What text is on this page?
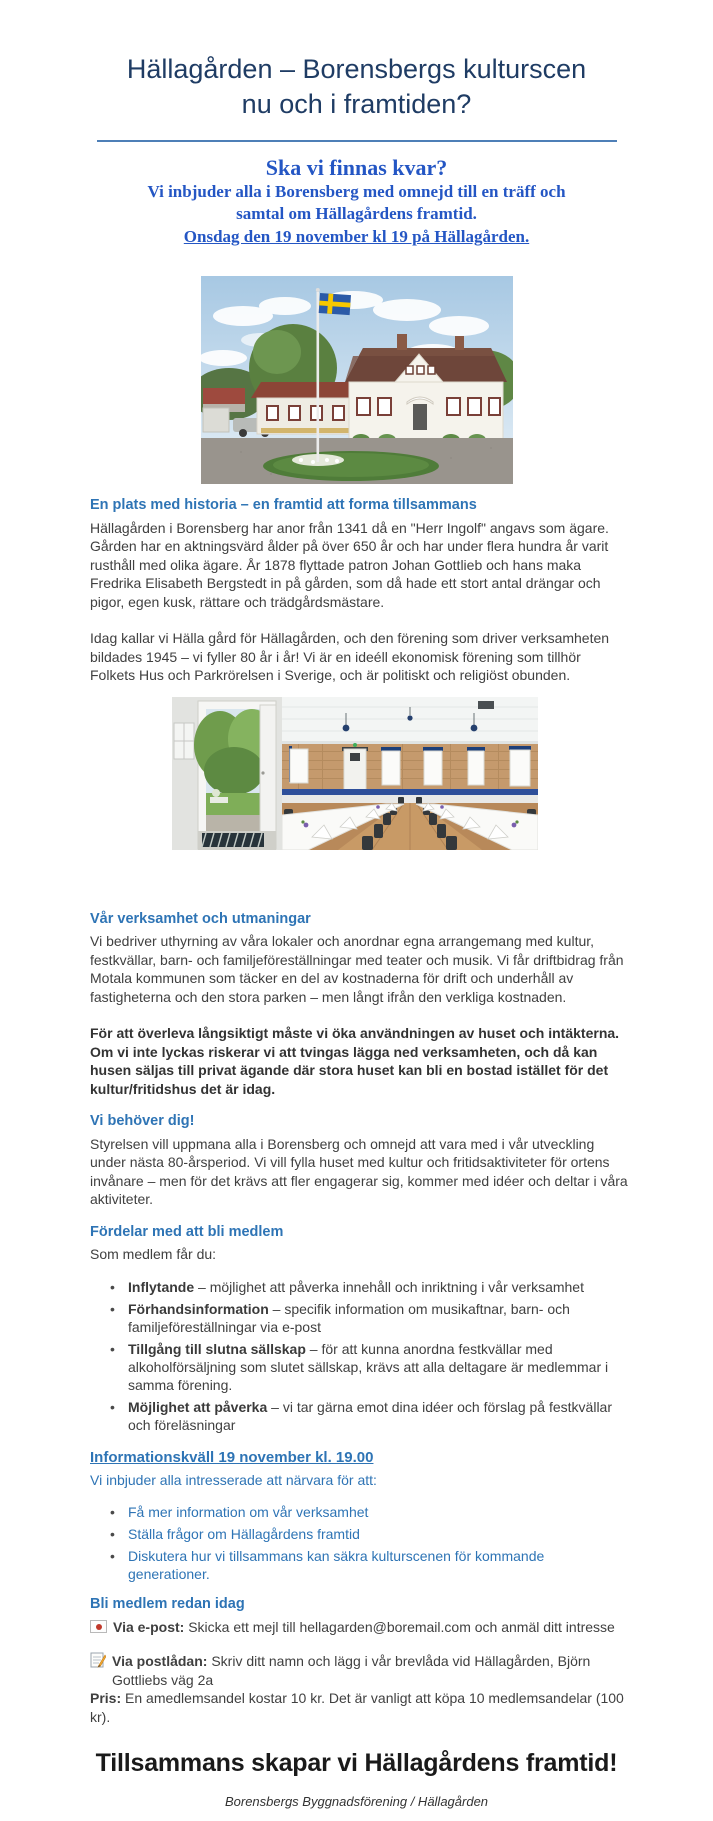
Hällagården – Borensbergs kulturscen
nu och i framtiden?
Ska vi finnas kvar?
Vi inbjuder alla i Borensberg med omnejd till en träff och
samtal om Hällagårdens framtid.
Onsdag den 19 november kl 19 på Hällagården.
En plats med historia – en framtid att forma tillsammans

Hällagården i Borensberg har anor från 1341 då en "Herr Ingolf" angavs som ägare. Gården har en aktningsvärd ålder på över 650 år och har under flera hundra år varit rusthåll med olika ägare. År 1878 flyttade patron Johan Gottlieb och hans maka Fredrika Elisabeth Bergstedt in på gården, som då hade ett stort antal drängar och pigor, egen kusk, rättare och trädgårdsmästare.

Idag kallar vi Hälla gård för Hällagården, och den förening som driver verksamheten bildades 1945 – vi fyller 80 år i år! Vi är en ideéll ekonomisk förening som tillhör Folkets Hus och Parkrörelsen i Sverige, och är politiskt och religiöst obunden.

Vår verksamhet och utmaningar

Vi bedriver uthyrning av våra lokaler och anordnar egna arrangemang med kultur, festkvällar, barn- och familjeföreställningar med teater och musik. Vi får driftbidrag från Motala kommunen som täcker en del av kostnaderna för drift och underhåll av fastigheterna och den stora parken – men långt ifrån den verkliga kostnaden.

För att överleva långsiktigt måste vi öka användningen av huset och intäkterna. Om vi inte lyckas riskerar vi att tvingas lägga ned verksamheten, och då kan husen säljas till privat ägande där stora huset kan bli en bostad istället för det kultur/fritidshus det är idag.

Vi behöver dig!

Styrelsen vill uppmana alla i Borensberg och omnejd att vara med i vår utveckling under nästa 80-årsperiod. Vi vill fylla huset med kultur och fritidsaktiviteter för ortens invånare – men för det krävs att fler engagerar sig, kommer med idéer och deltar i våra aktiviteter.

Fördelar med att bli medlem

Som medlem får du:

• Inflytande – möjlighet att påverka innehåll och inriktning i vår verksamhet
• Förhandsinformation – specifik information om musikaftnar, barn- och familjeföreställningar via e-post
• Tillgång till slutna sällskap – för att kunna anordna festkvällar med alkoholförsäljning som slutet sällskap, krävs att alla deltagare är medlemmar i samma förening.
• Möjlighet att påverka – vi tar gärna emot dina idéer och förslag på festkvällar och föreläsningar
Informationskväll 19 november kl. 19.00

Vi inbjuder alla intresserade att närvara för att:

• Få mer information om vår verksamhet
• Ställa frågor om Hällagårdens framtid
• Diskutera hur vi tillsammans kan säkra kulturscenen för kommande generationer.
Bli medlem redan idag
Via e-post: Skicka ett mejl till hellagarden@boremail.com och anmäl ditt intresse
Via postlådan: Skriv ditt namn och lägg i vår brevlåda vid Hällagården, Björn Gottliebs väg 2a
Pris: En amedlemsandel kostar 10 kr. Det är vanligt att köpa 10 medlemsandelar (100 kr).
Tillsammans skapar vi Hällagårdens framtid!
Borensbergs Byggnadsförening / Hällagården
